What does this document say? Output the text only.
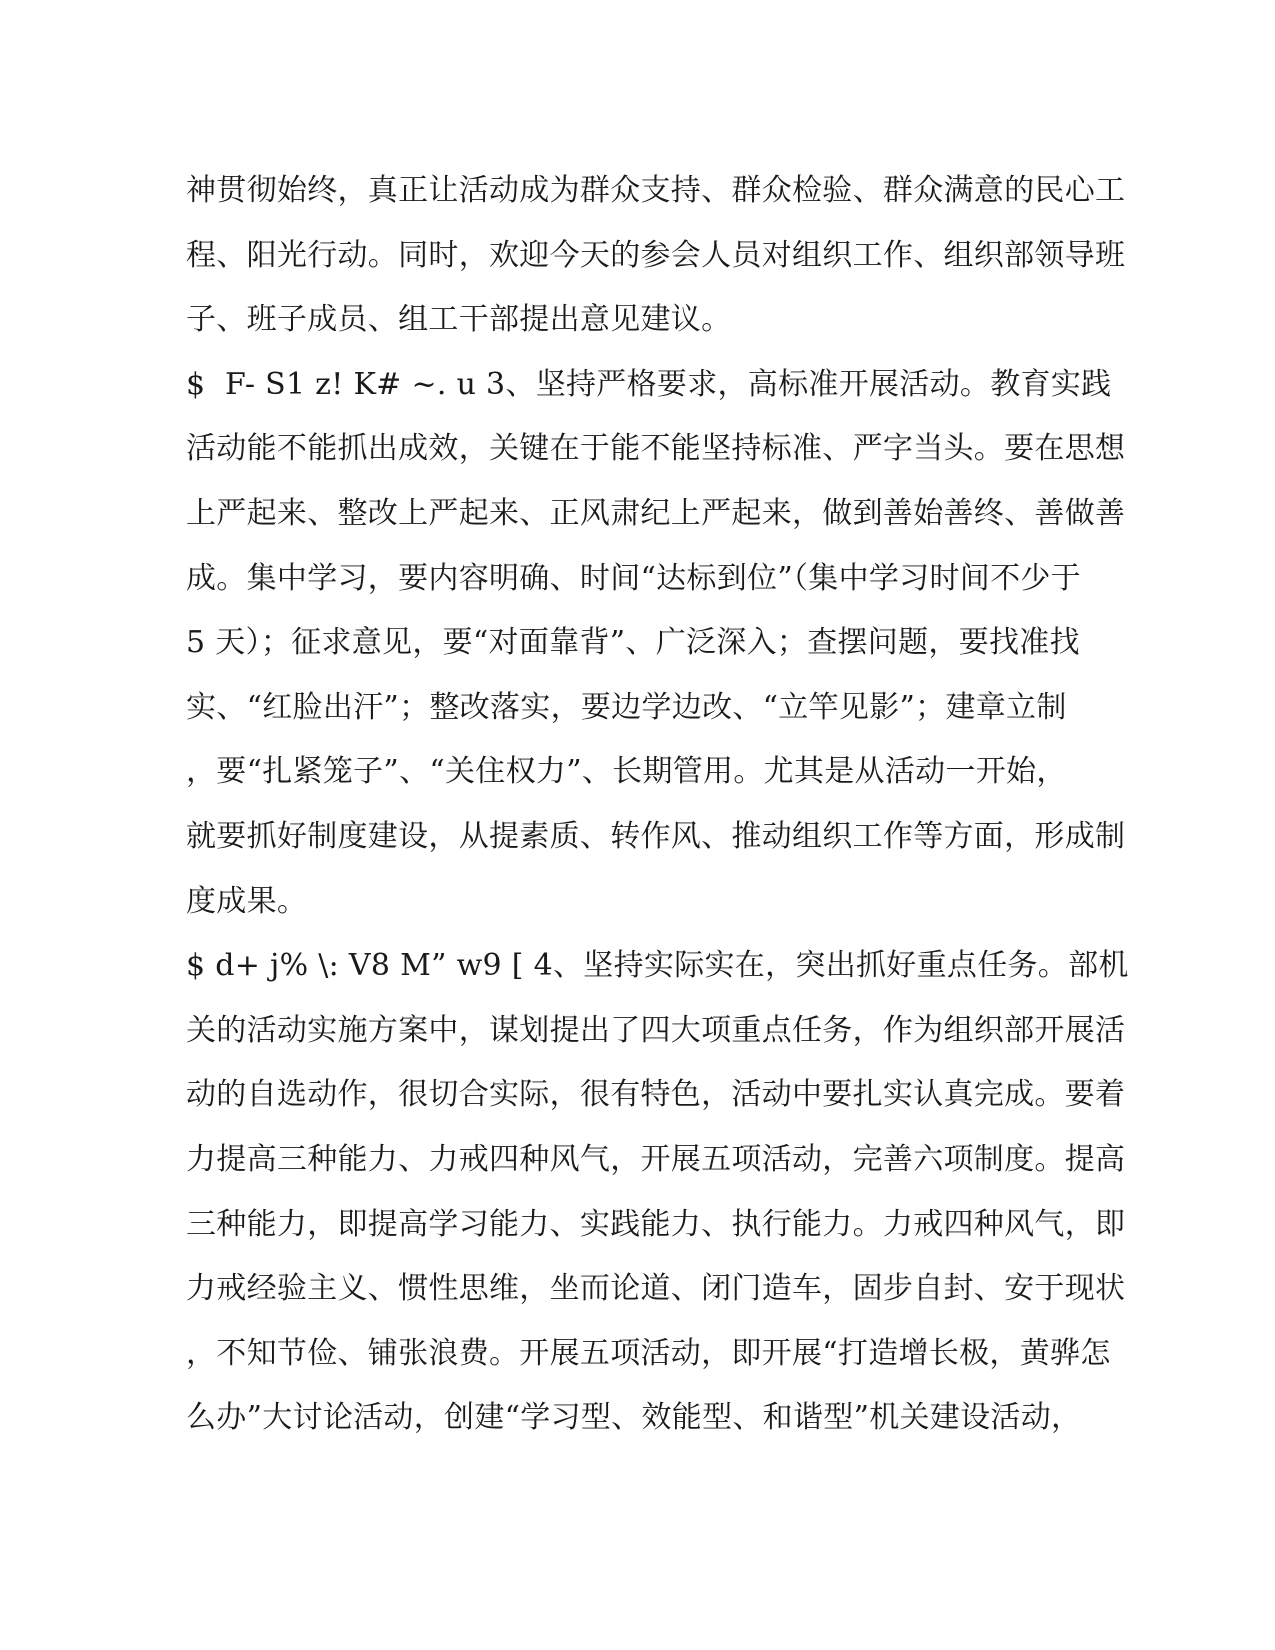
神贯彻始终，真正让活动成为群众支持、群众检验、群众满意的民心工
程、阳光行动。同时，欢迎今天的参会人员对组织工作、组织部领导班
子、班子成员、组工干部提出意见建议。
$  F- S1 z! K# ~. u 3、坚持严格要求，高标准开展活动。教育实践
活动能不能抓出成效，关键在于能不能坚持标准、严字当头。要在思想
上严起来、整改上严起来、正风肃纪上严起来，做到善始善终、善做善
成。集中学习，要内容明确、时间“达标到位”（集中学习时间不少于
5 天）；征求意见，要“对面靠背”、广泛深入；查摆问题，要找准找
实、“红脸出汗”；整改落实，要边学边改、“立竿见影”；建章立制
，要“扎紧笼子”、“关住权力”、长期管用。尤其是从活动一开始，
就要抓好制度建设，从提素质、转作风、推动组织工作等方面，形成制
度成果。
$ d+ j% \: V8 M” w9 [ 4、坚持实际实在，突出抓好重点任务。部机
关的活动实施方案中，谋划提出了四大项重点任务，作为组织部开展活
动的自选动作，很切合实际，很有特色，活动中要扎实认真完成。要着
力提高三种能力、力戒四种风气，开展五项活动，完善六项制度。提高
三种能力，即提高学习能力、实践能力、执行能力。力戒四种风气，即
力戒经验主义、惯性思维，坐而论道、闭门造车，固步自封、安于现状
，不知节俭、铺张浪费。开展五项活动，即开展“打造增长极，黄骅怎
么办”大讨论活动，创建“学习型、效能型、和谐型”机关建设活动，
